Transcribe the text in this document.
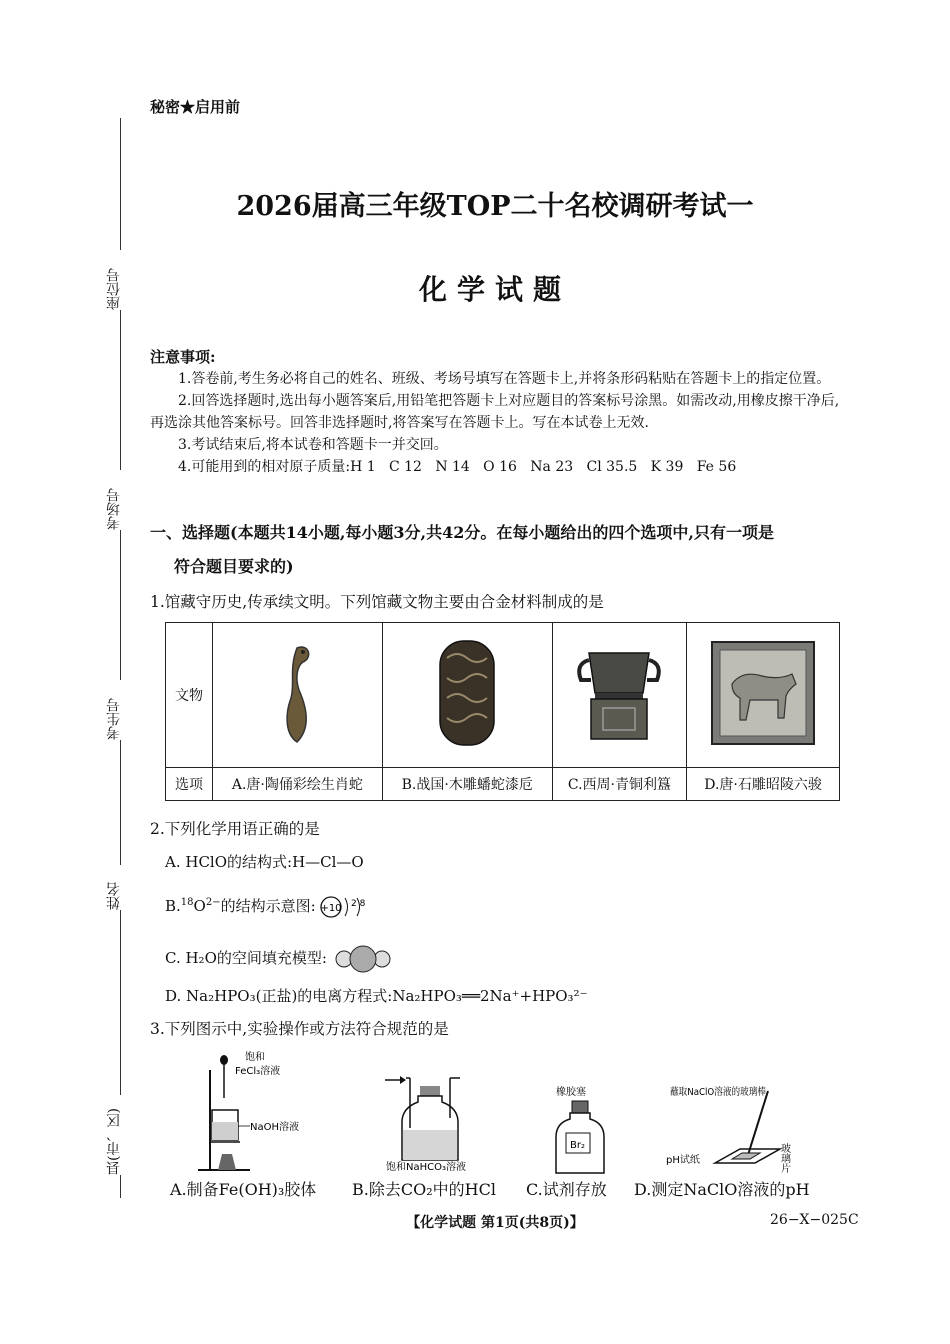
座位号
考场号
考生号
姓名
县(市、区)
秘密★启用前
2026届高三年级TOP二十名校调研考试一
化学试题
注意事项:

1.答卷前,考生务必将自己的姓名、班级、考场号填写在答题卡上,并将条形码粘贴在答题卡上的指定位置。

2.回答选择题时,选出每小题答案后,用铅笔把答题卡上对应题目的答案标号涂黑。如需改动,用橡皮擦干净后,再选涂其他答案标号。回答非选择题时,将答案写在答题卡上。写在本试卷上无效.

3.考试结束后,将本试卷和答题卡一并交回。

4.可能用到的相对原子质量:H 1   C 12   N 14   O 16   Na 23   Cl 35.5   K 39   Fe 56

一、选择题(本题共14小题,每小题3分,共42分。在每小题给出的四个选项中,只有一项是
符合题目要求的)
1.馆藏守历史,传承续文明。下列馆藏文物主要由合金材料制成的是
文物				
选项	A.唐·陶俑彩绘生肖蛇	B.战国·木雕蟠蛇漆卮	C.西周·青铜利簋	D.唐·石雕昭陵六骏
2.下列化学用语正确的是
A. HClO的结构式:H—Cl—O
$B.^{18}O^{2-}$的结构示意图: +10 2 8
C. H₂O的空间填充模型:
D. Na₂HPO₃(正盐)的电离方程式:Na₂HPO₃══2Na⁺+HPO₃²⁻
3.下列图示中,实验操作或方法符合规范的是
饱和
FeCl₃溶液
NaOH溶液
饱和NaHCO₃溶液
橡胶塞
Br₂
蘸取NaClO溶液的玻璃棒
pH试纸	玻璃片
A.制备Fe(OH)₃胶体 B.除去CO₂中的HCl C.试剂存放 D.测定NaClO溶液的pH
【化学试题 第1页(共8页)】	26−X−025C
